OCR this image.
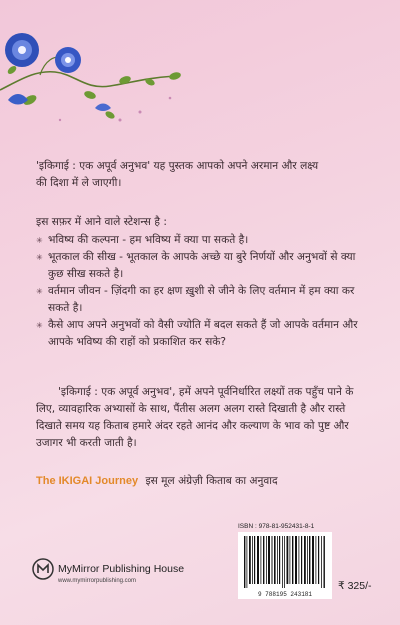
'इकिगाई : एक अपूर्व अनुभव' यह पुस्तक आपको अपने अरमान और लक्ष्य
की दिशा में ले जाएगी।
इस सफ़र में आने वाले स्टेशन्स है :
✳ भविष्य की कल्पना - हम भविष्य में क्या पा सकते है।
✳ भूतकाल की सीख - भूतकाल के आपके अच्छे या बुरे निर्णयों और अनुभवों से क्या कुछ सीख सकते है।
✳ वर्तमान जीवन - ज़िंदगी का हर क्षण ख़ुशी से जीने के लिए वर्तमान में हम क्या कर सकते है।
✳ कैसे आप अपने अनुभवों को वैसी ज्योति में बदल सकते हैं जो आपके वर्तमान और आपके भविष्य की राहों को प्रकाशित कर सके?
'इकिगाई : एक अपूर्व अनुभव', हमें अपने पूर्वनिर्धारित लक्ष्यों तक पहुँच पाने के लिए, व्यावहारिक अभ्यासों के साथ, पैंतीस अलग अलग रास्ते दिखाती है और रास्ते दिखाते समय यह किताब हमारे अंदर रहते आनंद और कल्याण के भाव को पुष्ट और उजागर भी करती जाती है।
The IKIGAI Journey इस मूल अंग्रेज़ी किताब का अनुवाद
MyMirror Publishing House
www.mymirrorpublishing.com
ISBN : 978-81-952431-8-1
9 788195 243181
₹ 325/-
